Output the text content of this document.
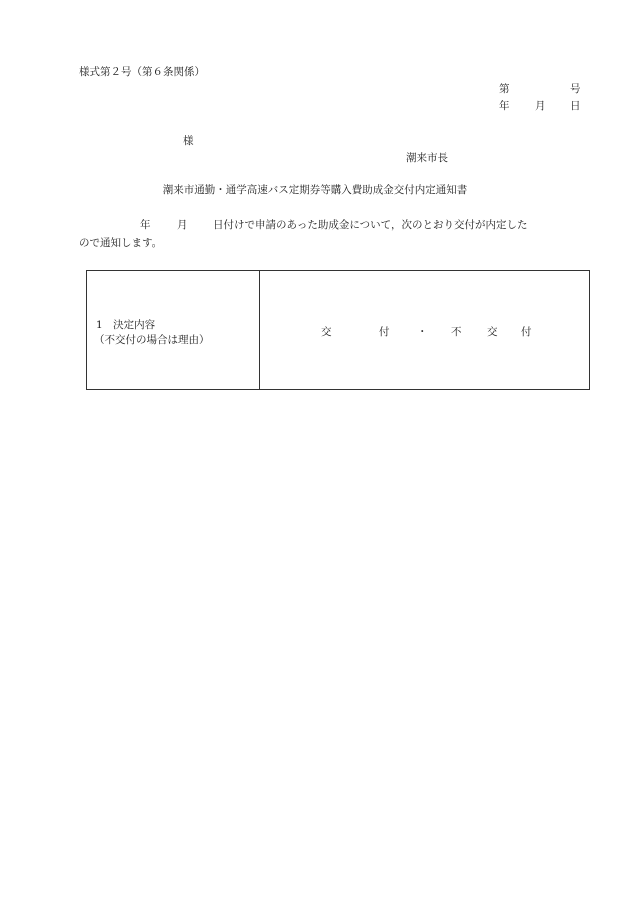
様式第２号（第６条関係）
第	号
年 月 日
様
潮来市長
潮来市通勤・通学高速バス定期券等購入費助成金交付内定通知書
年	月 日付けで申請のあった助成金について，次のとおり交付が内定した
ので通知します。
1　決定内容
（不交付の場合は理由）
交	付	・ 不 交 付
